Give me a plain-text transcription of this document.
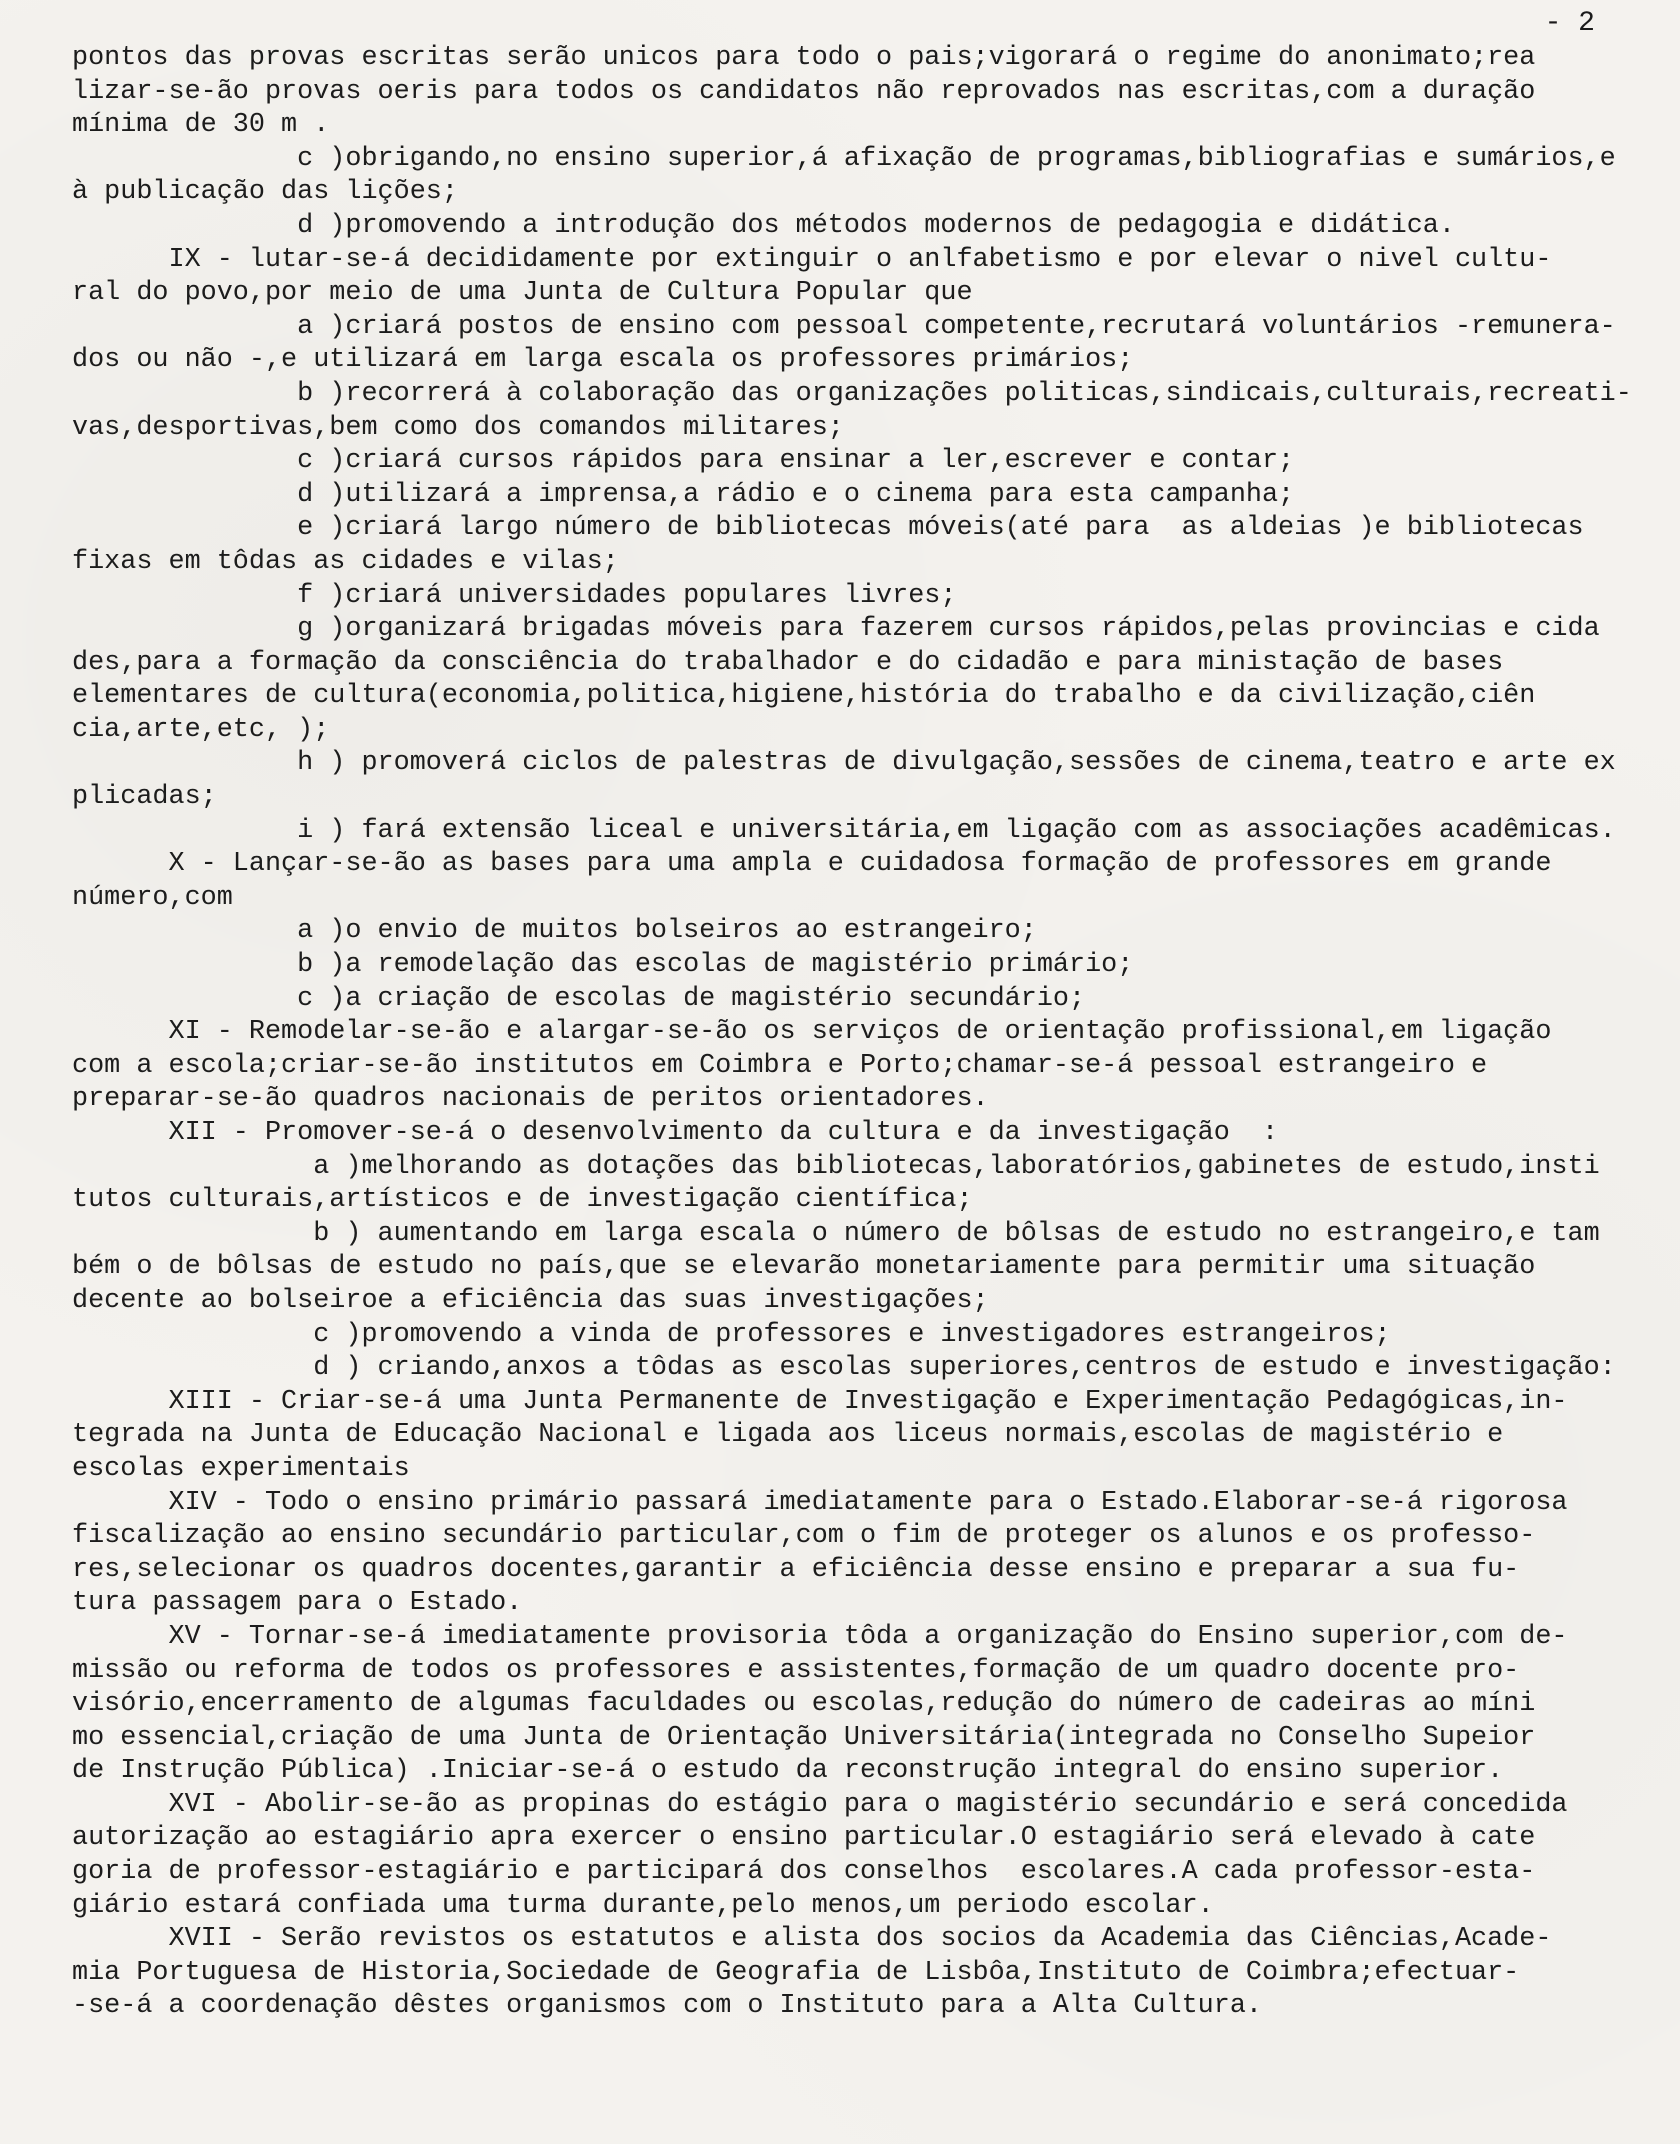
- 2
pontos das provas escritas serão unicos para todo o pais;vigorará o regime do anonimato;rea
lizar-se-ão provas oeris para todos os candidatos não reprovados nas escritas,com a duração
mínima de 30 m .
c )obrigando,no ensino superior,á afixação de programas,bibliografias e sumários,e
à publicação das lições;
d )promovendo a introdução dos métodos modernos de pedagogia e didática.
IX - lutar-se-á decididamente por extinguir o anlfabetismo e por elevar o nivel cultu-
ral do povo,por meio de uma Junta de Cultura Popular que
a )criará postos de ensino com pessoal competente,recrutará voluntários -remunera-
dos ou não -,e utilizará em larga escala os professores primários;
b )recorrerá à colaboração das organizações politicas,sindicais,culturais,recreati-
vas,desportivas,bem como dos comandos militares;
c )criará cursos rápidos para ensinar a ler,escrever e contar;
d )utilizará a imprensa,a rádio e o cinema para esta campanha;
e )criará largo número de bibliotecas móveis(até para  as aldeias )e bibliotecas
fixas em tôdas as cidades e vilas;
f )criará universidades populares livres;
g )organizará brigadas móveis para fazerem cursos rápidos,pelas provincias e cida
des,para a formação da consciência do trabalhador e do cidadão e para ministação de bases
elementares de cultura(economia,politica,higiene,história do trabalho e da civilização,ciên
cia,arte,etc, );
h ) promoverá ciclos de palestras de divulgação,sessões de cinema,teatro e arte ex
plicadas;
i ) fará extensão liceal e universitária,em ligação com as associações acadêmicas.
X - Lançar-se-ão as bases para uma ampla e cuidadosa formação de professores em grande
número,com
a )o envio de muitos bolseiros ao estrangeiro;
b )a remodelação das escolas de magistério primário;
c )a criação de escolas de magistério secundário;
XI - Remodelar-se-ão e alargar-se-ão os serviços de orientação profissional,em ligação
com a escola;criar-se-ão institutos em Coimbra e Porto;chamar-se-á pessoal estrangeiro e
preparar-se-ão quadros nacionais de peritos orientadores.
XII - Promover-se-á o desenvolvimento da cultura e da investigação  :
a )melhorando as dotações das bibliotecas,laboratórios,gabinetes de estudo,insti
tutos culturais,artísticos e de investigação científica;
b ) aumentando em larga escala o número de bôlsas de estudo no estrangeiro,e tam
bém o de bôlsas de estudo no país,que se elevarão monetariamente para permitir uma situação
decente ao bolseiroe a eficiência das suas investigações;
c )promovendo a vinda de professores e investigadores estrangeiros;
d ) criando,anxos a tôdas as escolas superiores,centros de estudo e investigação:
XIII - Criar-se-á uma Junta Permanente de Investigação e Experimentação Pedagógicas,in-
tegrada na Junta de Educação Nacional e ligada aos liceus normais,escolas de magistério e
escolas experimentais
XIV - Todo o ensino primário passará imediatamente para o Estado.Elaborar-se-á rigorosa
fiscalização ao ensino secundário particular,com o fim de proteger os alunos e os professo-
res,selecionar os quadros docentes,garantir a eficiência desse ensino e preparar a sua fu-
tura passagem para o Estado.
XV - Tornar-se-á imediatamente provisoria tôda a organização do Ensino superior,com de-
missão ou reforma de todos os professores e assistentes,formação de um quadro docente pro-
visório,encerramento de algumas faculdades ou escolas,redução do número de cadeiras ao míni
mo essencial,criação de uma Junta de Orientação Universitária(integrada no Conselho Supeior
de Instrução Pública) .Iniciar-se-á o estudo da reconstrução integral do ensino superior.
XVI - Abolir-se-ão as propinas do estágio para o magistério secundário e será concedida
autorização ao estagiário apra exercer o ensino particular.O estagiário será elevado à cate
goria de professor-estagiário e participará dos conselhos  escolares.A cada professor-esta-
giário estará confiada uma turma durante,pelo menos,um periodo escolar.
XVII - Serão revistos os estatutos e alista dos socios da Academia das Ciências,Acade-
mia Portuguesa de Historia,Sociedade de Geografia de Lisbôa,Instituto de Coimbra;efectuar-
-se-á a coordenação dêstes organismos com o Instituto para a Alta Cultura.
